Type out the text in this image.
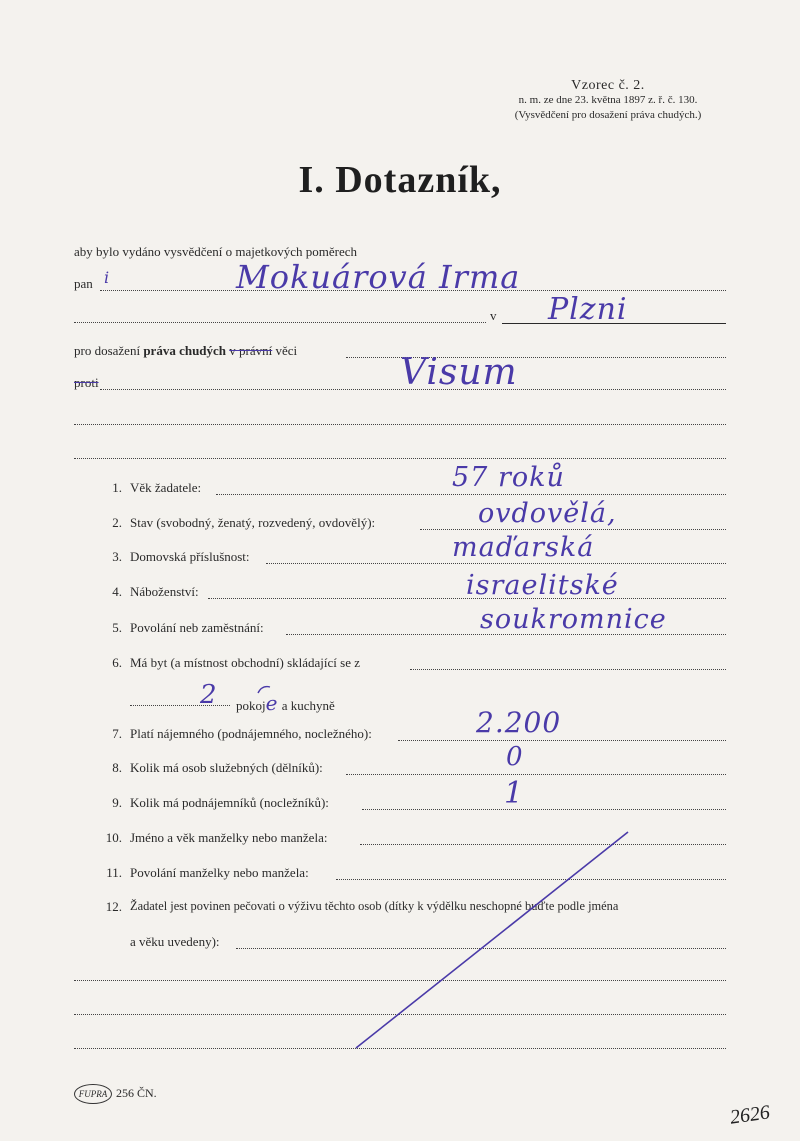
Vzorec č. 2.
n. m. ze dne 23. května 1897 z. ř. č. 130.
(Vysvědčení pro dosažení práva chudých.)
I. Dotazník,
aby bylo vydáno vysvědčení o majetkových poměrech
pan i	Mokuárová Irma
v Plzni
pro dosažení práva chudých v právní věci
Visum
proti
1. Věk žadatele:	57 roků
2. Stav (svobodný, ženatý, rozvedený, ovdovělý):	ovdovělá,
3. Domovská příslušnost:	maďarská
4. Náboženství:	israelitské
5. Povolání neb zaměstnání:	soukromnice
6. Má byt (a místnost obchodní) skládající se z
2 pokoje a kuchyně
7. Platí nájemného (podnájemného, nocležného):	2.200
8. Kolik má osob služebných (dělníků):	0
9. Kolik má podnájemníků (nocležníků):	1
10. Jméno a věk manželky nebo manžela:
11. Povolání manželky nebo manžela:
12. Žadatel jest povinen pečovati o výživu těchto osob (dítky k výdělku neschopné buďte podle jména
a věku uvedeny):
FUPRA 256 ČN.
2626
